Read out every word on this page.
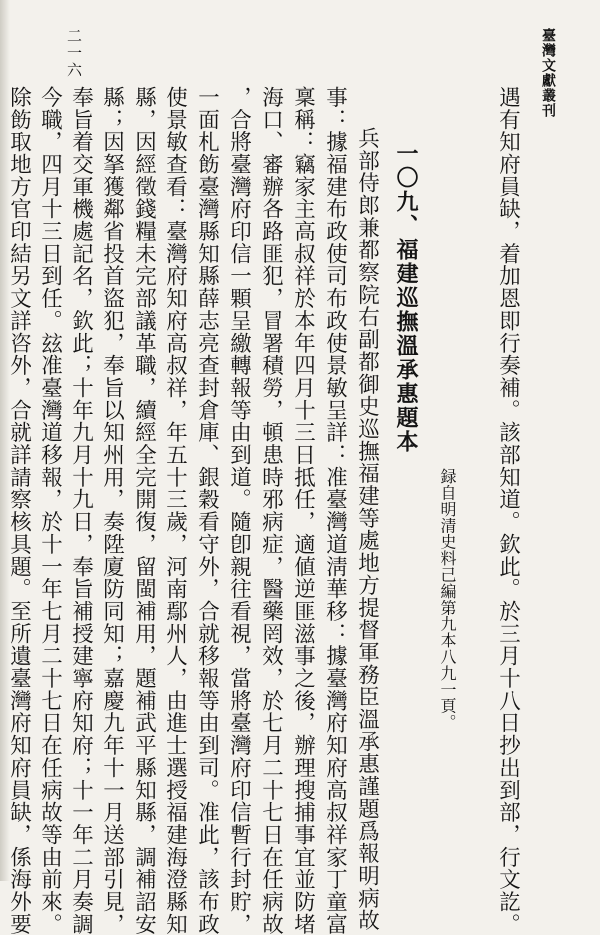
臺灣文獻叢刊
二一六
遇有知府員缺，着加恩即行奏補。該部知道。欽此。於三月十八日抄出到部，行文訖。
録自明清史料己編第九本八九一頁。
一〇九、福建巡撫溫承惠題本
兵部侍郎兼都察院右副都御史巡撫福建等處地方提督軍務臣溫承惠謹題爲報明病故
事：據福建布政使司布政使景敏呈詳：准臺灣道淸華移：據臺灣府知府高叔祥家丁童富
稟稱：竊家主高叔祥於本年四月十三日抵任，適値逆匪滋事之後，辦理搜捕事宜並防堵
海口、審辦各路匪犯，冒署積勞，頓患時邪病症，醫藥罔效，於七月二十七日在任病故
，合將臺灣府印信一顆呈繳轉報等由到道。隨卽親往看視，當將臺灣府印信暫行封貯，
一面札飭臺灣縣知縣薛志亮查封倉庫、銀穀看守外，合就移報等由到司。准此，該布政
使景敏查看：臺灣府知府高叔祥，年五十三歲，河南鄢州人，由進士選授福建海澄縣知
縣，因經徵錢糧未完部議革職，續經全完開復，留閩補用，題補武平縣知縣，調補詔安
縣；因拏獲鄰省投首盜犯，奉旨以知州用，奏陞廈防同知；嘉慶九年十一月送部引見，
奉旨着交軍機處記名，欽此；十年九月十九日，奉旨補授建寧府知府；十一年二月奏調
今職，四月十三日到任。玆准臺灣道移報，於十一年七月二十七日在任病故等由前來。
除飭取地方官印結另文詳咨外，合就詳請察核具題。至所遺臺灣府知府員缺，係海外要
